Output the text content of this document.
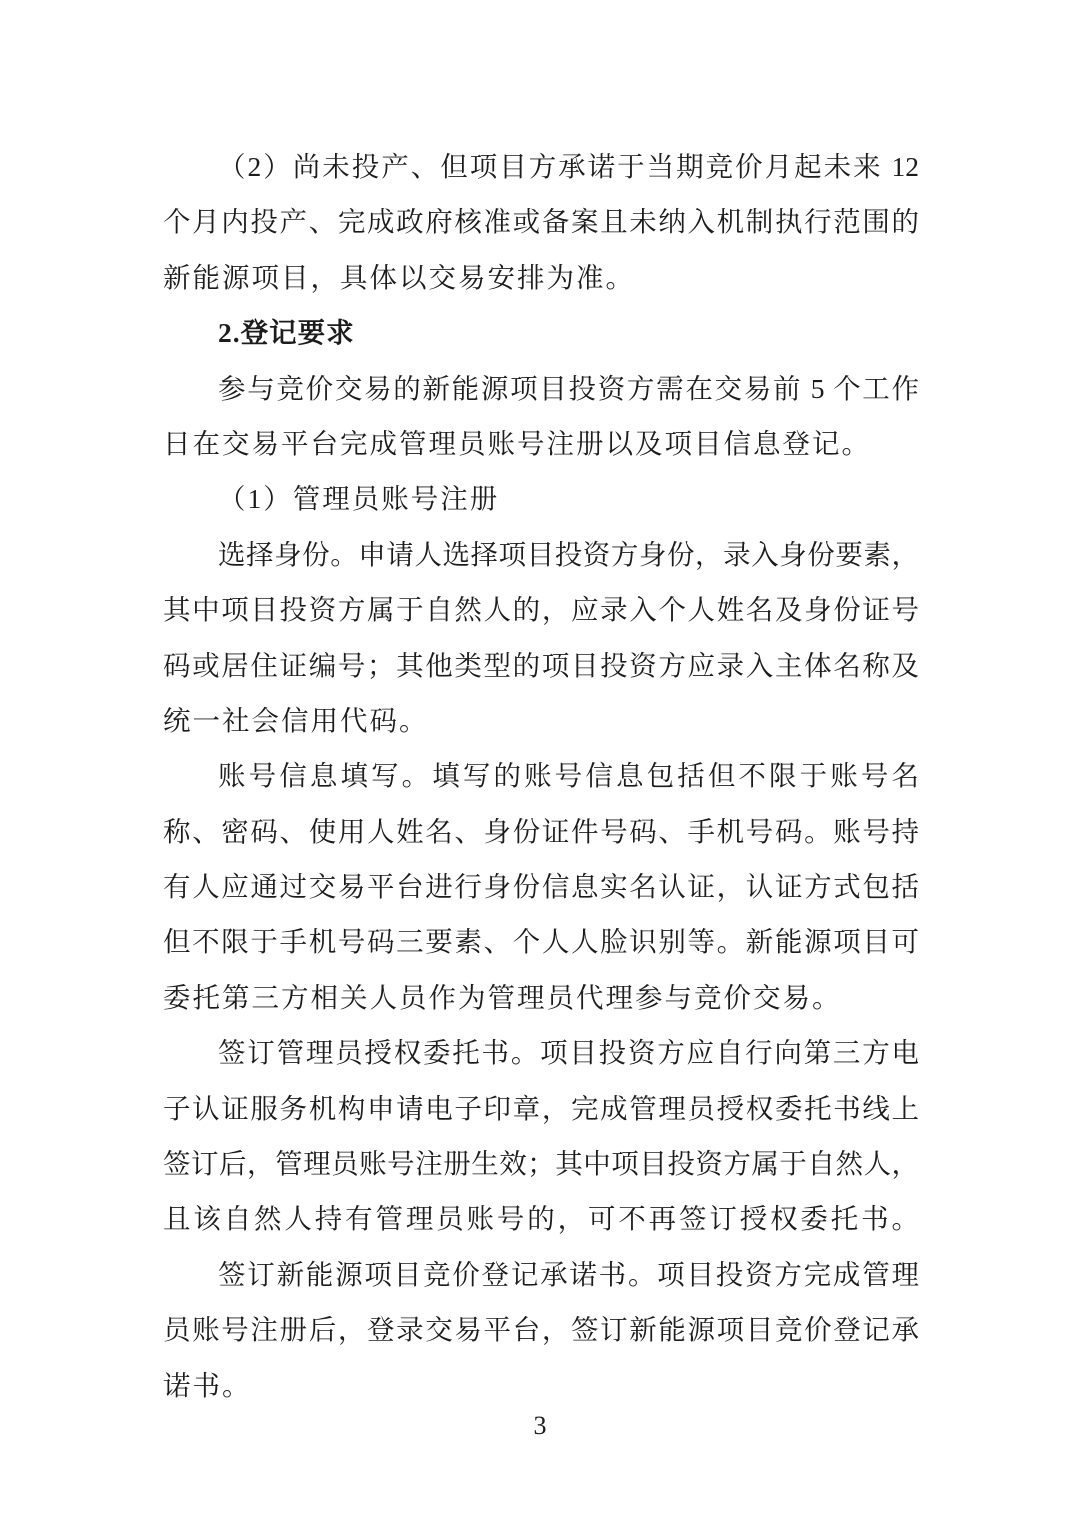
（2）尚未投产、但项目方承诺于当期竞价月起未来 12
个月内投产、完成政府核准或备案且未纳入机制执行范围的
新能源项目，具体以交易安排为准。
2.登记要求
参与竞价交易的新能源项目投资方需在交易前 5 个工作
日在交易平台完成管理员账号注册以及项目信息登记。
（1）管理员账号注册
选择身份。申请人选择项目投资方身份，录入身份要素，
其中项目投资方属于自然人的，应录入个人姓名及身份证号
码或居住证编号；其他类型的项目投资方应录入主体名称及
统一社会信用代码。
账号信息填写。填写的账号信息包括但不限于账号名
称、密码、使用人姓名、身份证件号码、手机号码。账号持
有人应通过交易平台进行身份信息实名认证，认证方式包括
但不限于手机号码三要素、个人人脸识别等。新能源项目可
委托第三方相关人员作为管理员代理参与竞价交易。
签订管理员授权委托书。项目投资方应自行向第三方电
子认证服务机构申请电子印章，完成管理员授权委托书线上
签订后，管理员账号注册生效；其中项目投资方属于自然人，
且该自然人持有管理员账号的，可不再签订授权委托书。
签订新能源项目竞价登记承诺书。项目投资方完成管理
员账号注册后，登录交易平台，签订新能源项目竞价登记承
诺书。
3
